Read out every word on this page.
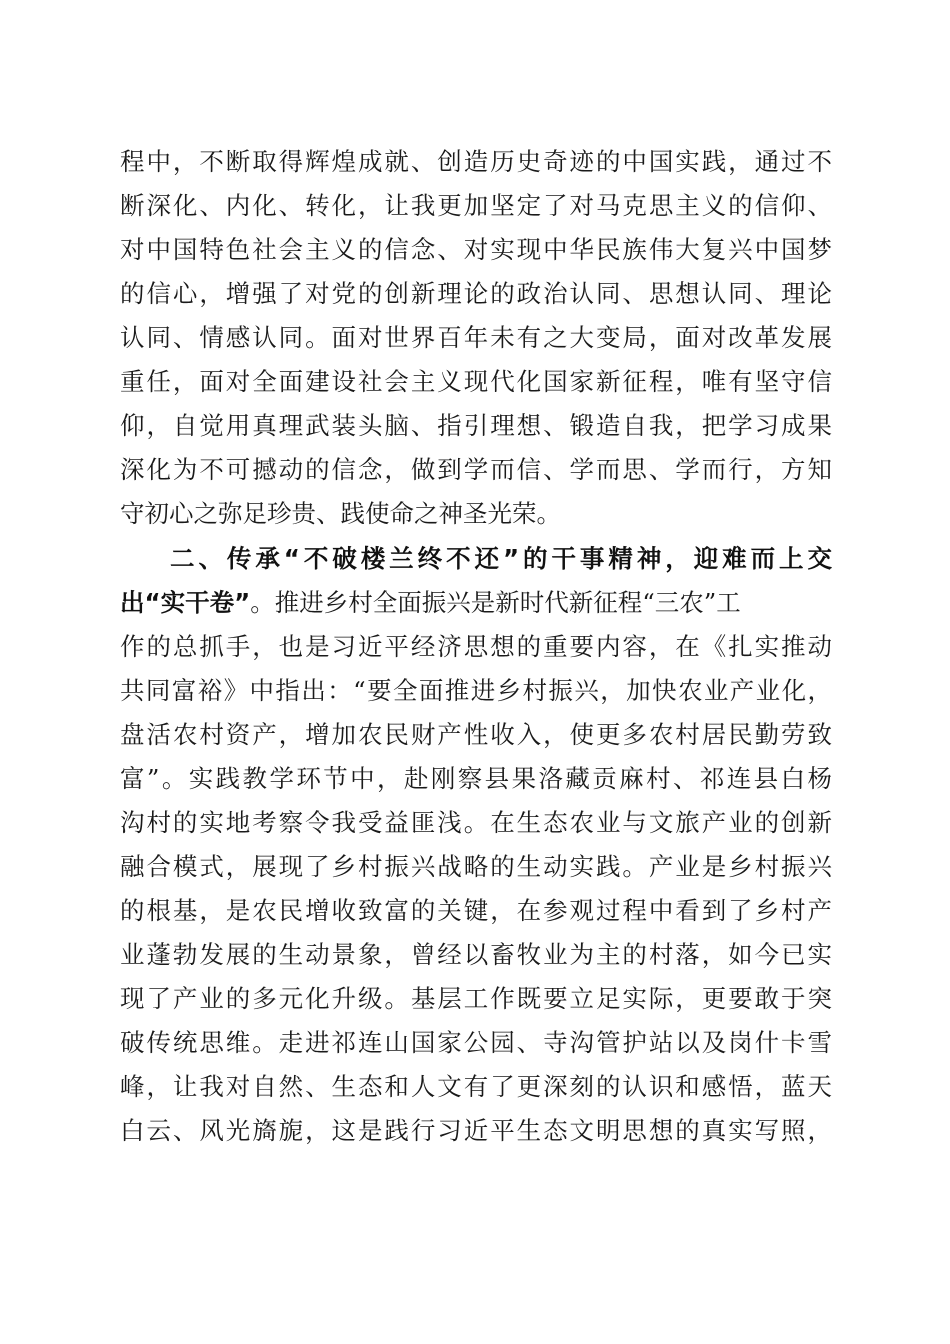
程中，不断取得辉煌成就、创造历史奇迹的中国实践，通过不
断深化、内化、转化，让我更加坚定了对马克思主义的信仰、
对中国特色社会主义的信念、对实现中华民族伟大复兴中国梦
的信心，增强了对党的创新理论的政治认同、思想认同、理论
认同、情感认同。面对世界百年未有之大变局，面对改革发展
重任，面对全面建设社会主义现代化国家新征程，唯有坚守信
仰，自觉用真理武装头脑、指引理想、锻造自我，把学习成果
深化为不可撼动的信念，做到学而信、学而思、学而行，方知
守初心之弥足珍贵、践使命之神圣光荣。
二、传承“不破楼兰终不还”的干事精神，迎难而上交
出“实干卷”。推进乡村全面振兴是新时代新征程“三农”工
作的总抓手，也是习近平经济思想的重要内容，在《扎实推动
共同富裕》中指出：“要全面推进乡村振兴，加快农业产业化，
盘活农村资产，增加农民财产性收入，使更多农村居民勤劳致
富”。实践教学环节中，赴刚察县果洛藏贡麻村、祁连县白杨
沟村的实地考察令我受益匪浅。在生态农业与文旅产业的创新
融合模式，展现了乡村振兴战略的生动实践。产业是乡村振兴
的根基，是农民增收致富的关键，在参观过程中看到了乡村产
业蓬勃发展的生动景象，曾经以畜牧业为主的村落，如今已实
现了产业的多元化升级。基层工作既要立足实际，更要敢于突
破传统思维。走进祁连山国家公园、寺沟管护站以及岗什卡雪
峰，让我对自然、生态和人文有了更深刻的认识和感悟，蓝天
白云、风光旖旎，这是践行习近平生态文明思想的真实写照，
